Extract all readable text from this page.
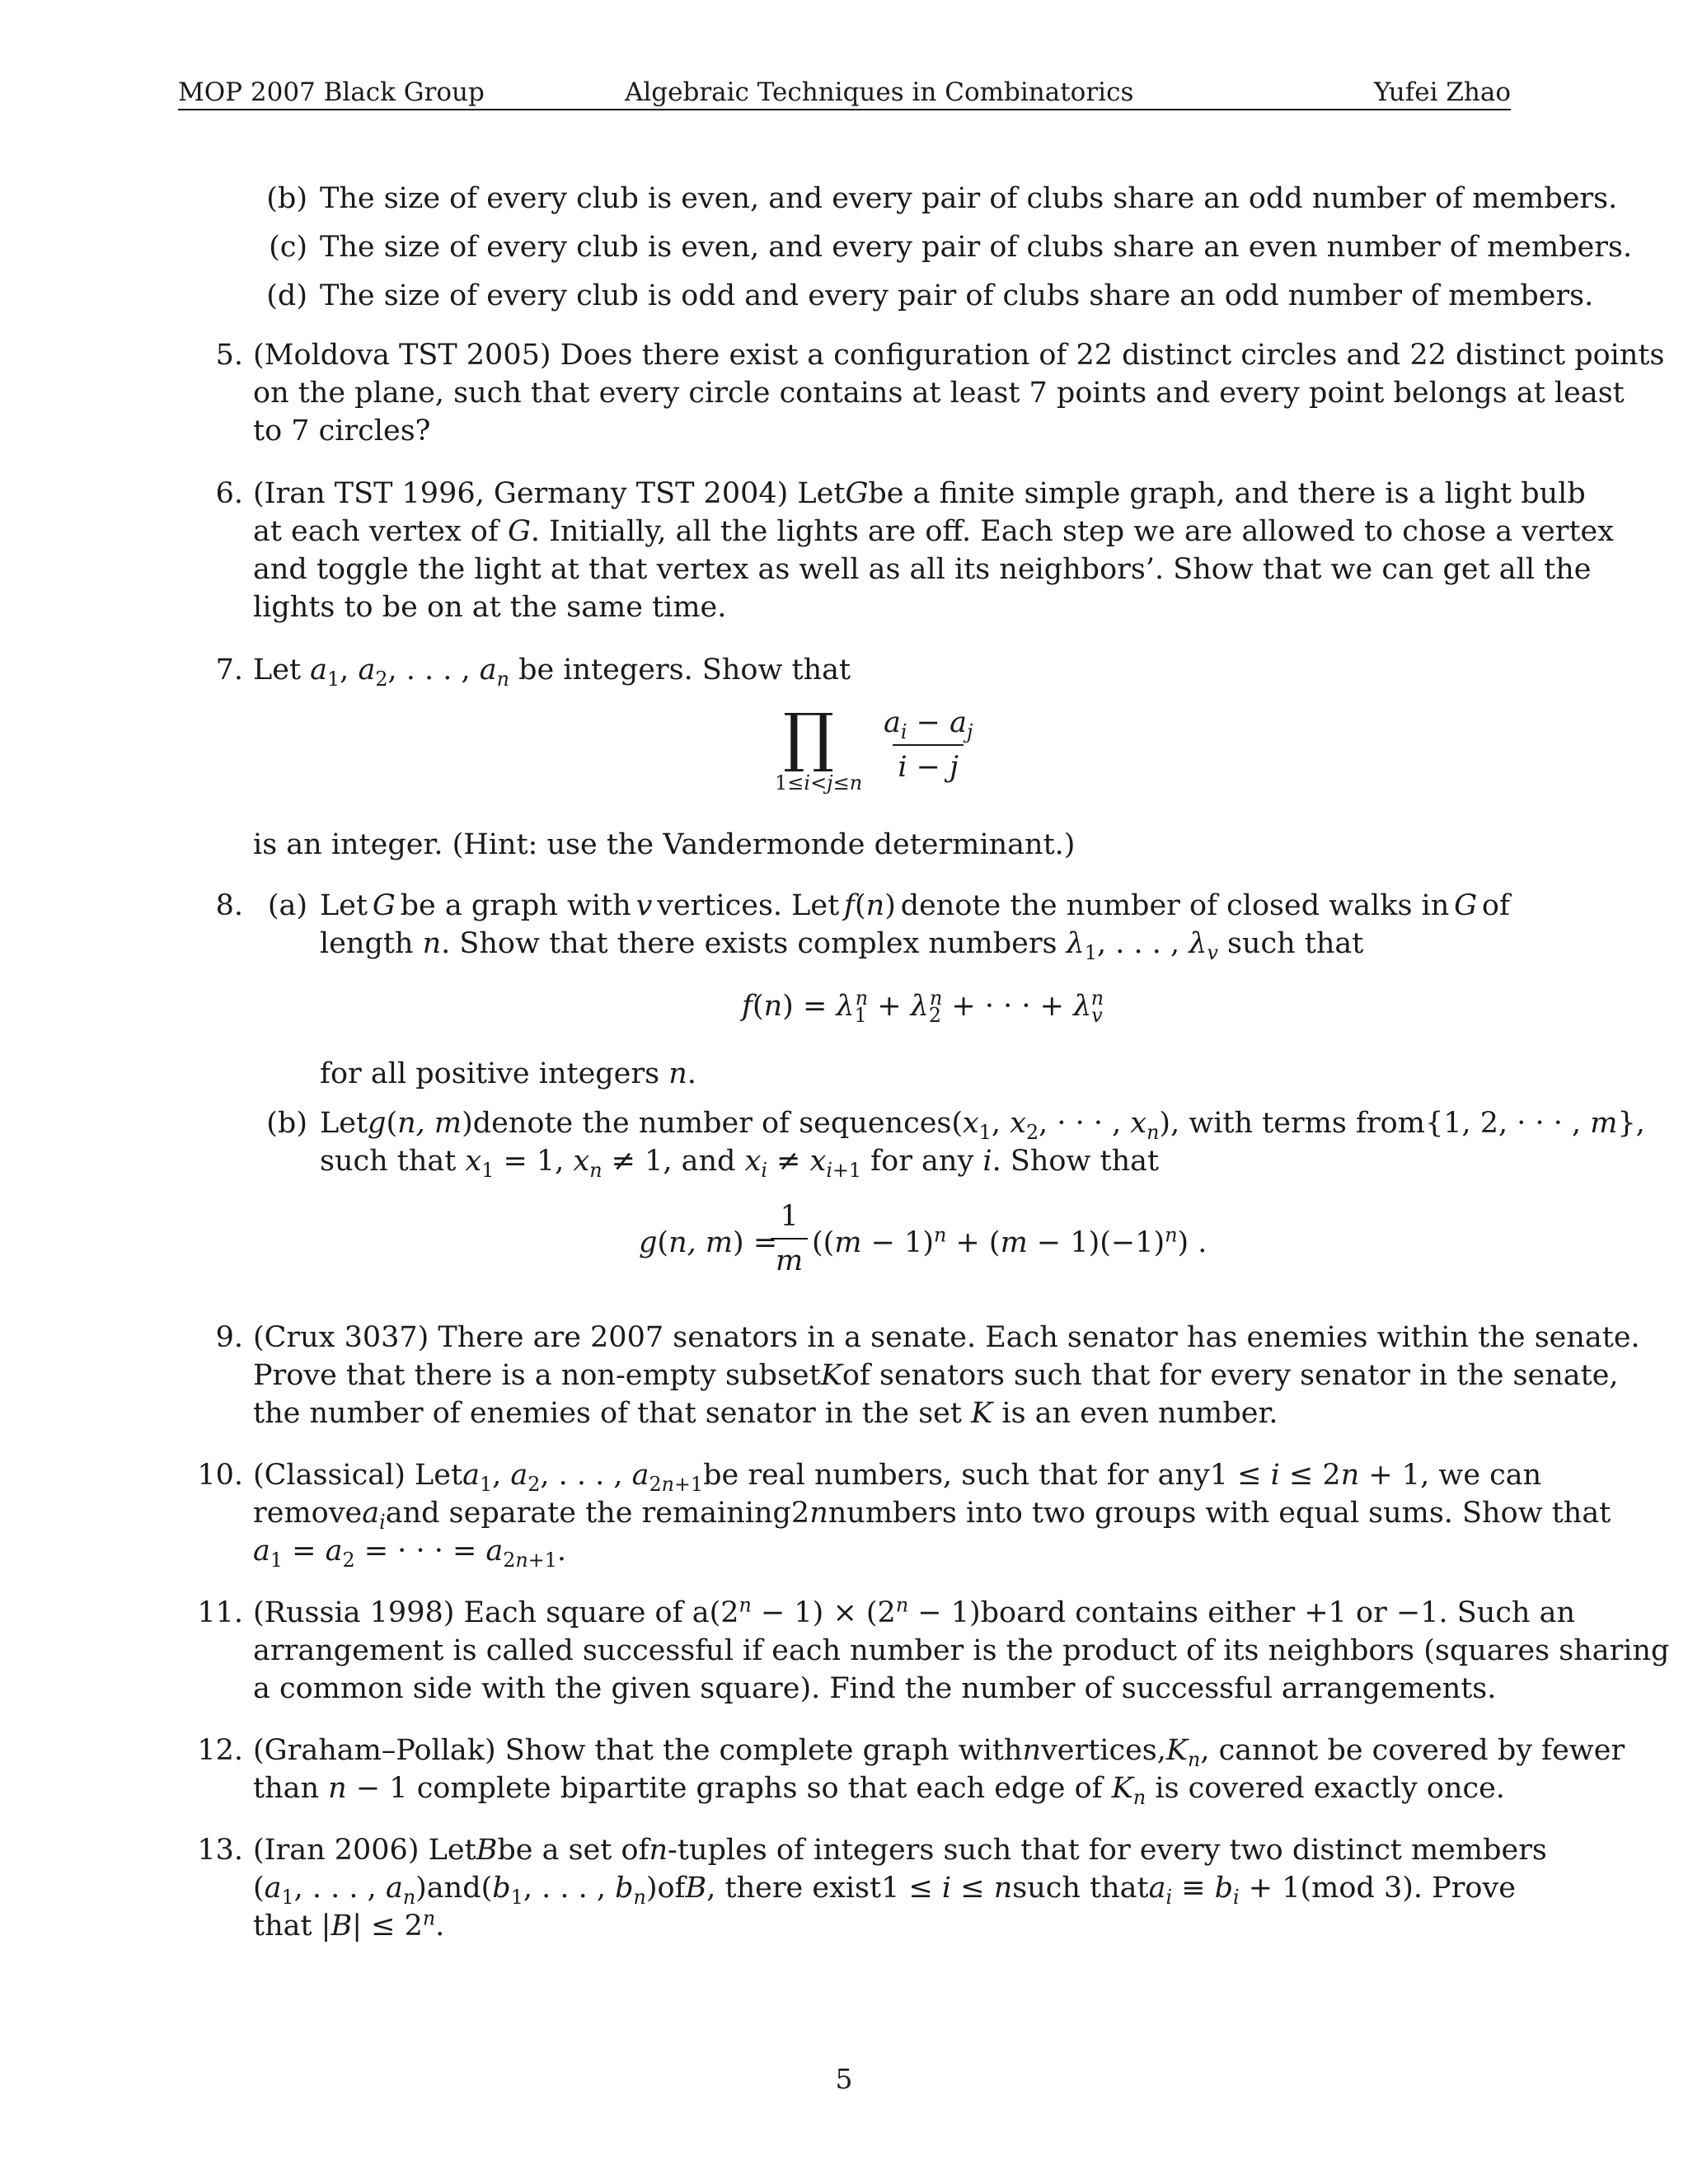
MOP 2007 Black Group	Algebraic Techniques in Combinatorics	Yufei Zhao
(b) The size of every club is even, and every pair of clubs share an odd number of members.
(c) The size of every club is even, and every pair of clubs share an even number of members.
(d) The size of every club is odd and every pair of clubs share an odd number of members.
5. (Moldova TST 2005) Does there exist a configuration of 22 distinct circles and 22 distinct points
on the plane, such that every circle contains at least 7 points and every point belongs at least
to 7 circles?
6. (Iran TST 1996, Germany TST 2004) Let G be a finite simple graph, and there is a light bulb
at each vertex of G. Initially, all the lights are off. Each step we are allowed to chose a vertex
and toggle the light at that vertex as well as all its neighbors’. Show that we can get all the
lights to be on at the same time.
7. Let $a_1$, $a_2$, . . . , $a_n$ be integers. Show that
∏
$1\le i<j\le n \frac{a_i - a_j}{i - j}$
is an integer. (Hint: use the Vandermonde determinant.)
8. (a) Let G be a graph with v vertices. Let f(n) denote the number of closed walks in G of
length n. Show that there exists complex numbers $\lambda_1$, . . . , $\lambda_v$ such that
$f(n) = \lambda_1^n + \lambda_2^n$ + · · · + $\lambda_v^n$
for all positive integers n.
(b) Let g(n, m) denote the number of sequences ($x_1$, $x_2$, · · · , $x_n$), with terms from {1, 2, · · · , m},
such that $x_1 = 1$, $x_n \ne 1$, and $x_i \ne x_{i+1}$ for any i. Show that
g(n, m) =
$\frac{1}{m} ((m - 1)^n + (m - 1)(-1)^n)$ .
9. (Crux 3037) There are 2007 senators in a senate. Each senator has enemies within the senate.
Prove that there is a non-empty subset K of senators such that for every senator in the senate,
the number of enemies of that senator in the set K is an even number.
10. (Classical) Let $a_1$, $a_2$, . . . , $a_{2n+1}$ be real numbers, such that for any 1 ≤ i ≤ 2n + 1, we can
remove $a_i$ and separate the remaining 2n numbers into two groups with equal sums. Show that
$a_1 = a_2$ = · · · = $a_{2n+1}$.
11. (Russia 1998) Each square of a $(2^n - 1) \times (2^n - 1)$ board contains either +1 or −1. Such an
arrangement is called successful if each number is the product of its neighbors (squares sharing
a common side with the given square). Find the number of successful arrangements.
12. (Graham–Pollak) Show that the complete graph with n vertices, $K_n$, cannot be covered by fewer
than n − 1 complete bipartite graphs so that each edge of $K_n$ is covered exactly once.
13. (Iran 2006) Let B be a set of n-tuples of integers such that for every two distinct members
($a_1$, . . . , $a_n$) and ($b_1$, . . . , $b_n$) of B, there exist 1 ≤ i ≤ n such that $a_i \equiv b_i + 1$ (mod 3). Prove
that $|B| \le 2^n$.
5
